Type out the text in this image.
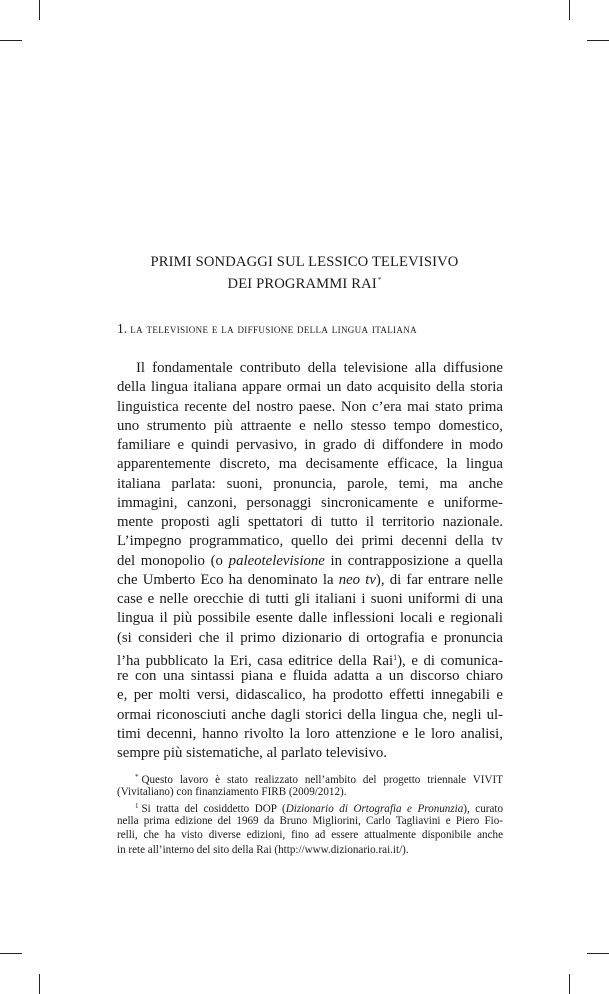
PRIMI SONDAGGI SUL LESSICO TELEVISIVO
DEI PROGRAMMI RAI*
1. la televisione e la diffusione della lingua italiana
Il fondamentale contributo della televisione alla diffusione
della lingua italiana appare ormai un dato acquisito della storia
linguistica recente del nostro paese. Non c’era mai stato prima
uno strumento più attraente e nello stesso tempo domestico,
familiare e quindi pervasivo, in grado di diffondere in modo
apparentemente discreto, ma decisamente efficace, la lingua
italiana parlata: suoni, pronuncia, parole, temi, ma anche
immagini, canzoni, personaggi sincronicamente e uniforme-
mente proposti agli spettatori di tutto il territorio nazionale.
L’impegno programmatico, quello dei primi decenni della tv
del monopolio (o paleotelevisione in contrapposizione a quella
che Umberto Eco ha denominato la neo tv), di far entrare nelle
case e nelle orecchie di tutti gli italiani i suoni uniformi di una
lingua il più possibile esente dalle inflessioni locali e regionali
(si consideri che il primo dizionario di ortografia e pronuncia
l’ha pubblicato la Eri, casa editrice della Rai$^1$), e di comunica-
re con una sintassi piana e fluida adatta a un discorso chiaro
e, per molti versi, didascalico, ha prodotto effetti innegabili e
ormai riconosciuti anche dagli storici della lingua che, negli ul-
timi decenni, hanno rivolto la loro attenzione e le loro analisi,
sempre più sistematiche, al parlato televisivo.
* Questo lavoro è stato realizzato nell’ambito del progetto triennale VIVIT
(Vivitaliano) con finanziamento FIRB (2009/2012).
$^1$ Si tratta del cosiddetto DOP (Dizionario di Ortografia e Pronunzia), curato
nella prima edizione del 1969 da Bruno Migliorini, Carlo Tagliavini e Piero Fio-
relli, che ha visto diverse edizioni, fino ad essere attualmente disponibile anche
in rete all’interno del sito della Rai (http://www.dizionario.rai.it/).
